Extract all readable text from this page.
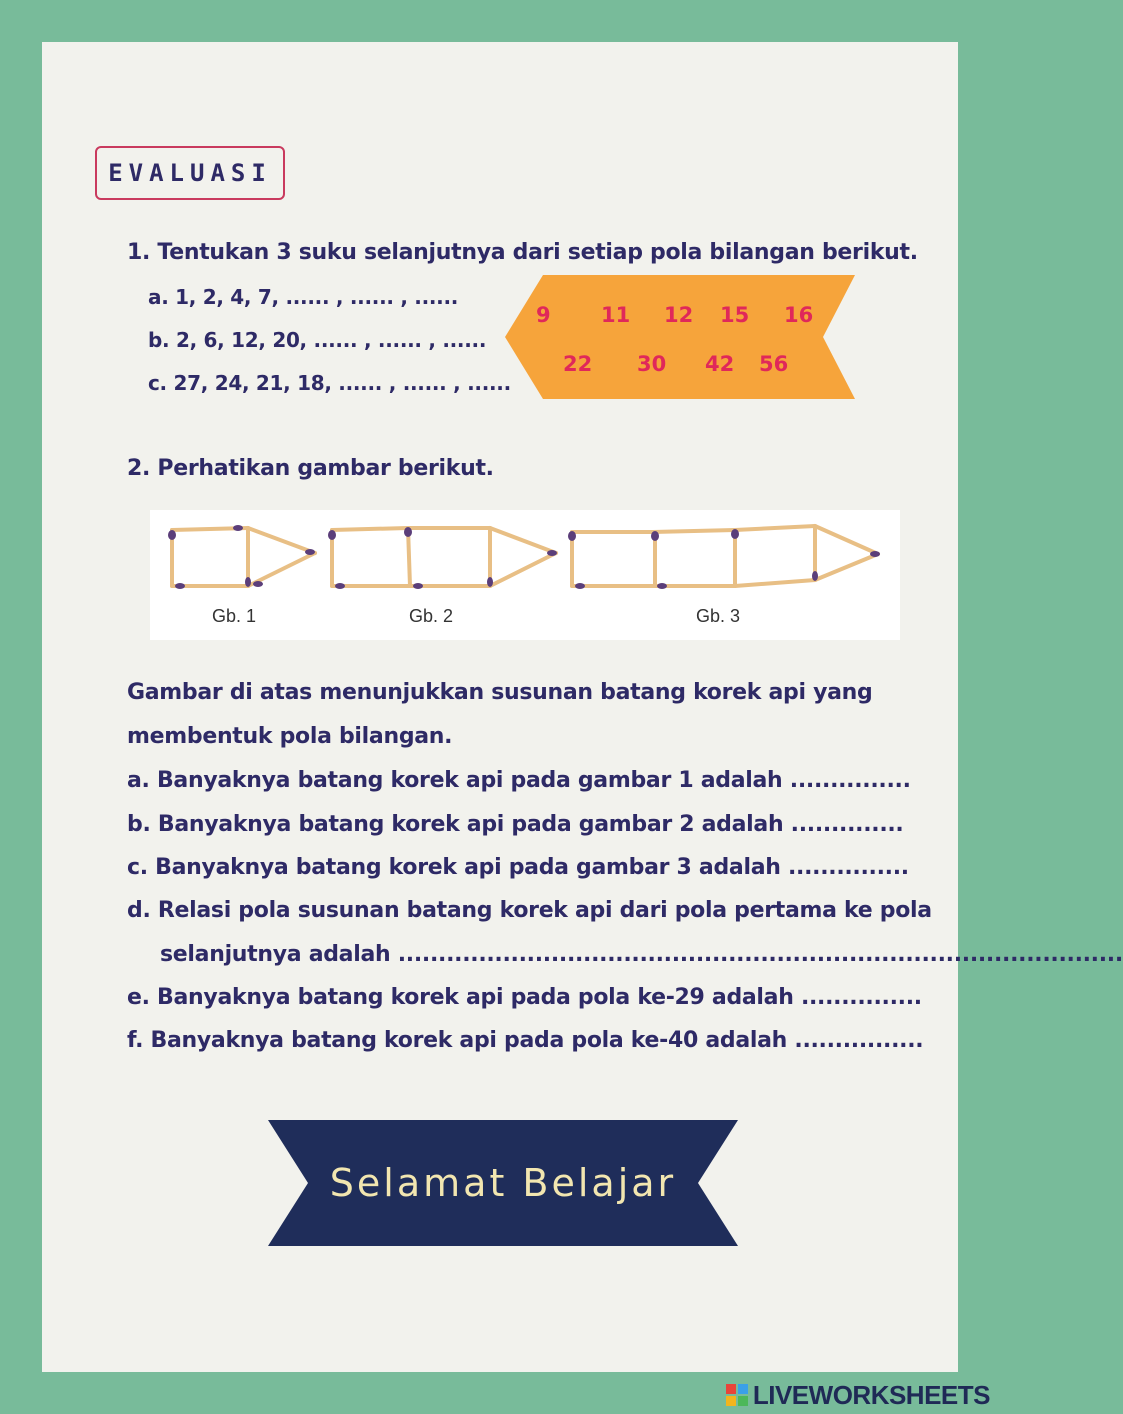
EVALUASI
1. Tentukan 3 suku selanjutnya dari setiap pola bilangan berikut.
a. 1, 2, 4, 7, ...... , ...... , ......
b. 2, 6, 12, 20, ...... , ...... , ......
c. 27, 24, 21, 18, ...... , ...... , ......
9 11 12 15 16
22 30 42 56
2. Perhatikan gambar berikut.
Gb. 1	Gb. 2	Gb. 3
Gambar di atas menunjukkan susunan batang korek api yang
membentuk pola bilangan.
a. Banyaknya batang korek api pada gambar 1 adalah ...............
b. Banyaknya batang korek api pada gambar 2 adalah ..............
c. Banyaknya batang korek api pada gambar 3 adalah ...............
d. Relasi pola susunan batang korek api dari pola pertama ke pola
selanjutnya adalah ..........................................................................................
e. Banyaknya batang korek api pada pola ke-29 adalah ...............
f. Banyaknya batang korek api pada pola ke-40 adalah ................
Selamat Belajar
LIVEWORKSHEETS
